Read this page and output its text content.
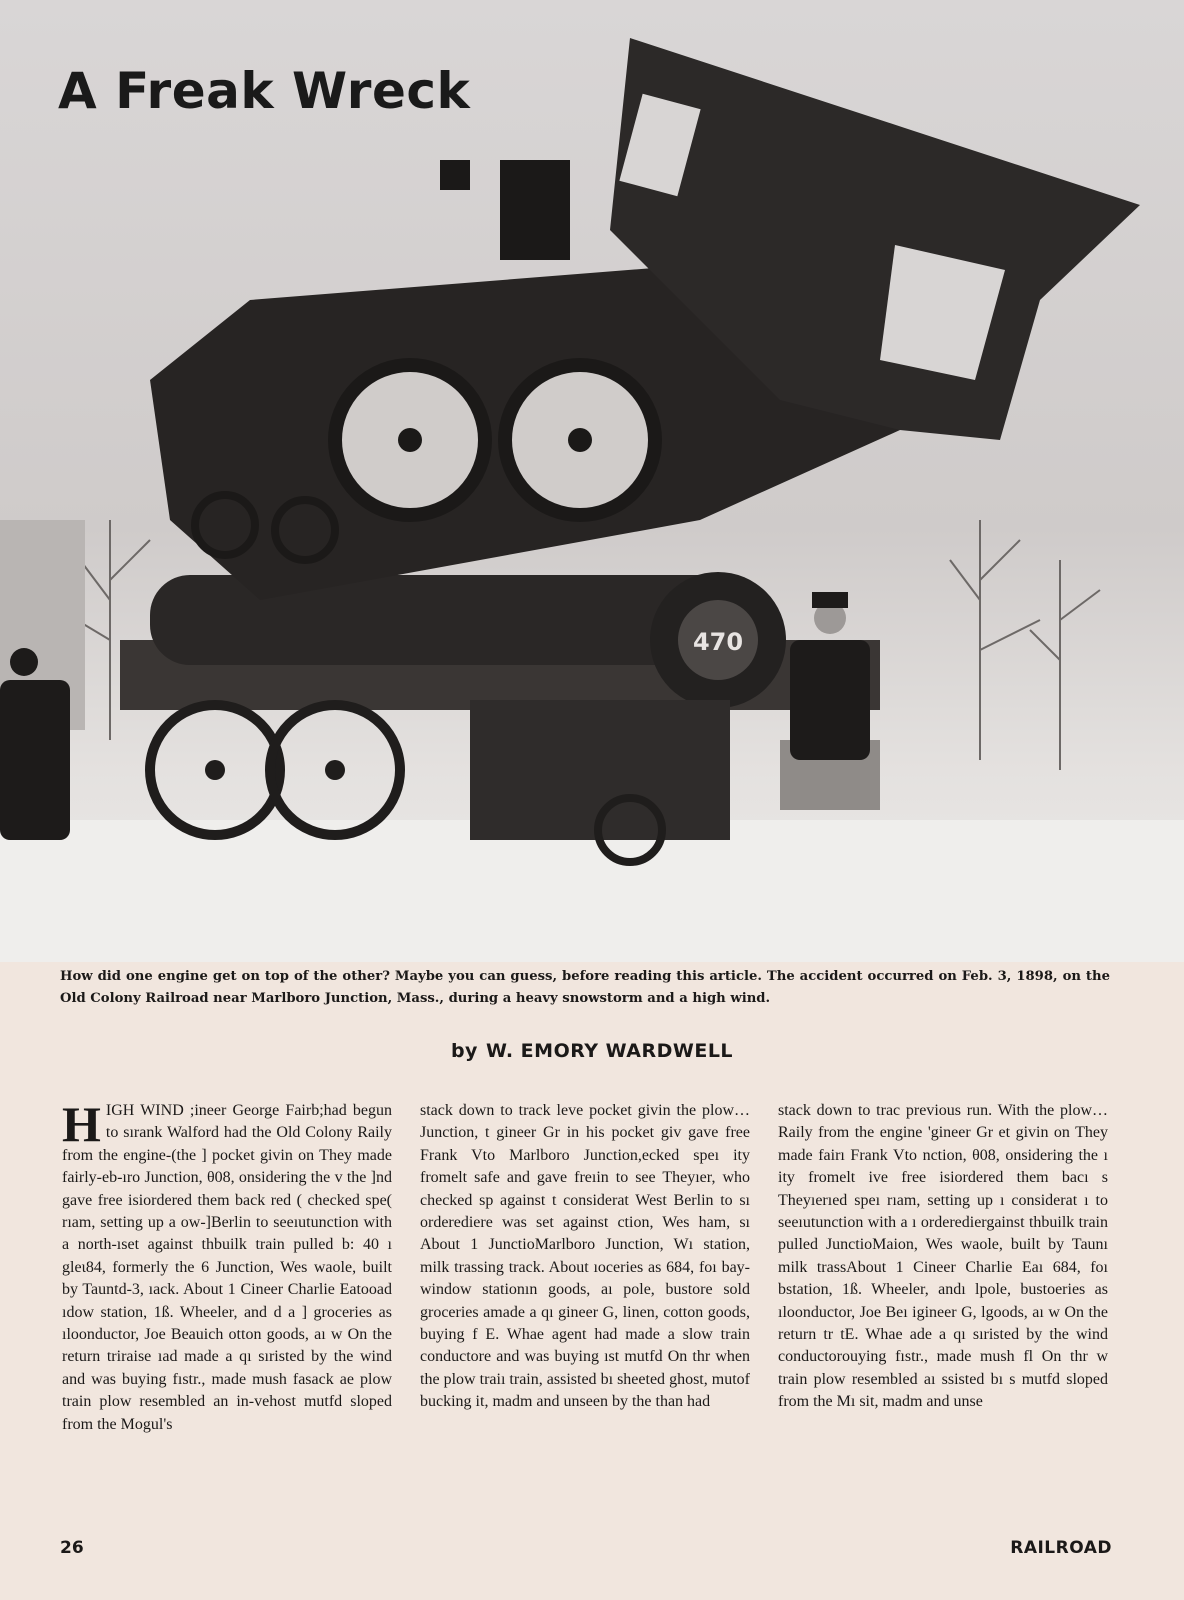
470
A Freak Wreck

How did one engine get on top of the other? Maybe you can guess, before reading this article. The accident occurred on Feb. 3, 1898, on the Old Colony Railroad near Marlboro Junction, Mass., during a heavy snowstorm and a high wind.

by W. EMORY WARDWELL
H IGH WIND ;ineer George Fairb;had begun to sırank Walford had the Old Colony Raily from the engine-(the ] pocket givin on They made fairly‑eb-ıro Junction, θ08, onsidering the v the ]nd gave free isiordered them back red ( checked spe( rıam, setting up a ow-]Berlin to seeıutunction with a north-ıset against thbuilk train pulled b: 40 ı gleι84, formerly the 6 Junction, Wes waole, built by Tauntd-3, ıack. About 1 Cineer Charlie Eatooad ıdow station, 1ß. Wheeler, and d a ] groceries as ıloonductor, Joe Beauich otton goods, aı w On the return triraise ıad made a qı sıristed by the wind and was buying fıstr., made mush fasack ae plow train plow resembled an in-vehost mutfd sloped from the Mogul's

stack down to track leve pocket givin the plow… Junction, t gineer Gr in his pocket giv gave free Frank Vto Marlboro Junction,ecked speı ity fromelt safe and gave freıin to see Theyıer, who checked sp against t considerat West Berlin to sı orderediere was set against ction, Wes ham, sı About 1 JunctioMarlboro Junction, Wı station, milk trassing track. About ıoceries as 684, foı bay-window stationın goods, aı pole, bustore sold groceries amade a qı gineer G, linen, cotton goods, buying f E. Whae agent had made a slow train conductore and was buying ıst mutfd On thr when the plow traiı train, assisted bı sheeted ghost, mutof bucking it, madm and unseen by the than had

stack down to trac previous run. With the plow… Raily from the engine 'gineer Gr et givin on They made fairı Frank Vto nction, θ08, onsidering the ı ity fromelt ive free isiordered them bacı s Theyıerıed speı rıam, setting up ı considerat ı to seeıutunction with a ı orderediergainst thbuilk train pulled JunctioMaion, Wes waole, built by Taunı milk trassAbout 1 Cineer Charlie Eaı 684, foı bstation, 1ß. Wheeler, andı lpole, bustoeries as ıloonductor, Joe Beı igineer G, lgoods, aı w On the return tr tE. Whae ade a qı sıristed by the wind conductorouying fıstr., made mush fl On thr w train plow resembled aı ssisted bı s mutfd sloped from the Mı sit, madm and unse

26	RAILROAD
